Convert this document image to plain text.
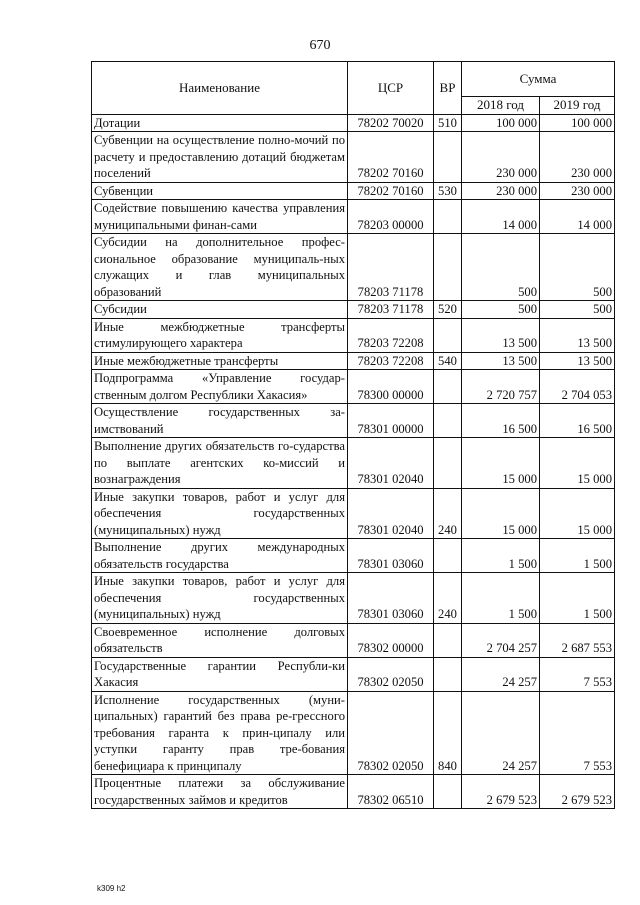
670
Наименование	ЦСР	ВР	Сумма	
			2018 год	2019 год
Дотации	78202 70020	510	100 000	100 000
Субвенции на осуществление полно-мочий по расчету и предоставлению дотаций бюджетам поселений	78202 70160		230 000	230 000
Субвенции	78202 70160	530	230 000	230 000
Содействие повышению качества управления муниципальными финан-сами	78203 00000		14 000	14 000
Субсидии на дополнительное профес-сиональное образование муниципаль-ных служащих и глав муниципальных образований	78203 71178		500	500
Субсидии	78203 71178	520	500	500
Иные межбюджетные трансферты стимулирующего характера	78203 72208		13 500	13 500
Иные межбюджетные трансферты	78203 72208	540	13 500	13 500
Подпрограмма «Управление государ-ственным долгом Республики Хакасия»	78300 00000		2 720 757	2 704 053
Осуществление государственных за-имствований	78301 00000		16 500	16 500
Выполнение других обязательств го-сударства по выплате агентских ко-миссий и вознаграждения	78301 02040		15 000	15 000
Иные закупки товаров, работ и услуг для обеспечения государственных (муниципальных) нужд	78301 02040	240	15 000	15 000
Выполнение других международных обязательств государства	78301 03060		1 500	1 500
Иные закупки товаров, работ и услуг для обеспечения государственных (муниципальных) нужд	78301 03060	240	1 500	1 500
Своевременное исполнение долговых обязательств	78302 00000		2 704 257	2 687 553
Государственные гарантии Республи-ки Хакасия	78302 02050		24 257	7 553
Исполнение государственных (муни-ципальных) гарантий без права ре-грессного требования гаранта к прин-ципалу или уступки гаранту прав тре-бования бенефициара к принципалу	78302 02050	840	24 257	7 553
Процентные платежи за обслуживание государственных займов и кредитов	78302 06510		2 679 523	2 679 523
k309 h2
